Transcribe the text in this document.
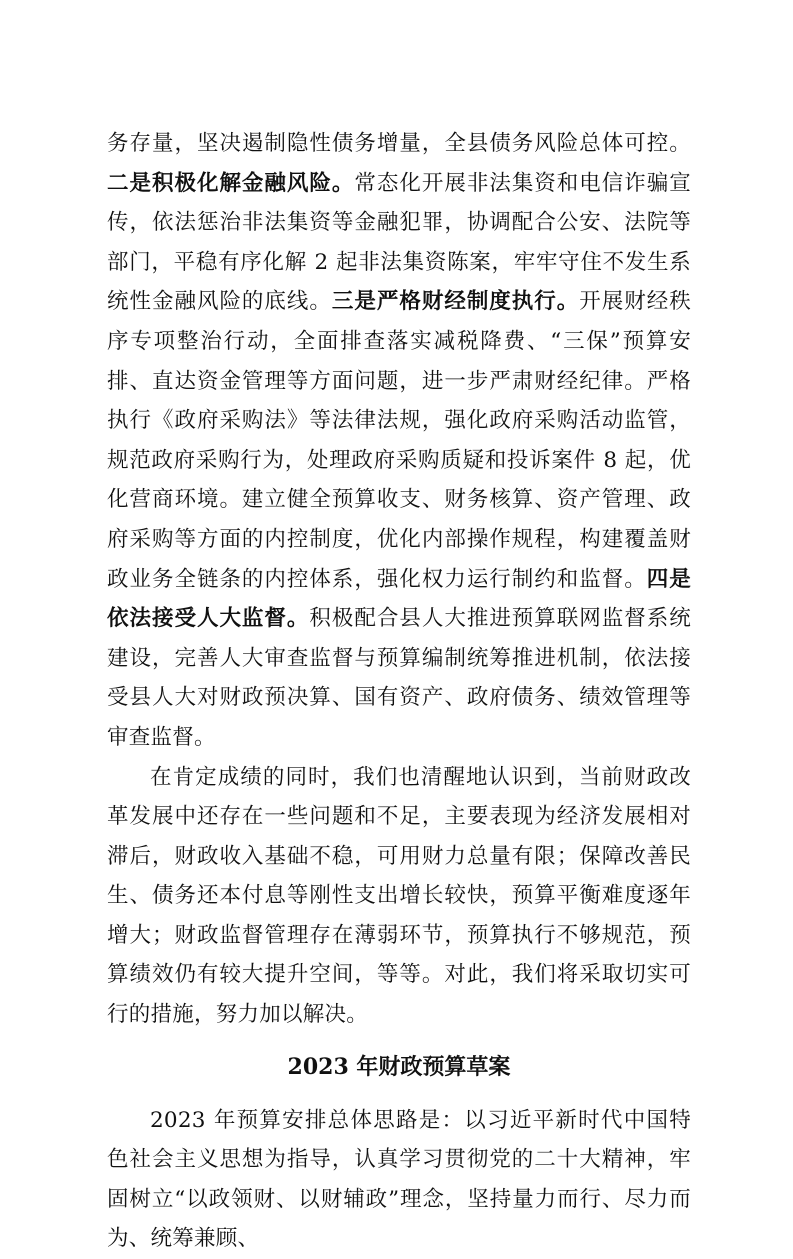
务存量，坚决遏制隐性债务增量，全县债务风险总体可控。二是积极化解金融风险。常态化开展非法集资和电信诈骗宣传，依法惩治非法集资等金融犯罪，协调配合公安、法院等部门，平稳有序化解 2 起非法集资陈案，牢牢守住不发生系统性金融风险的底线。三是严格财经制度执行。开展财经秩序专项整治行动，全面排查落实减税降费、“三保”预算安排、直达资金管理等方面问题，进一步严肃财经纪律。严格执行《政府采购法》等法律法规，强化政府采购活动监管，规范政府采购行为，处理政府采购质疑和投诉案件 8 起，优化营商环境。建立健全预算收支、财务核算、资产管理、政府采购等方面的内控制度，优化内部操作规程，构建覆盖财政业务全链条的内控体系，强化权力运行制约和监督。四是依法接受人大监督。积极配合县人大推进预算联网监督系统建设，完善人大审查监督与预算编制统筹推进机制，依法接受县人大对财政预决算、国有资产、政府债务、绩效管理等审查监督。

在肯定成绩的同时，我们也清醒地认识到，当前财政改革发展中还存在一些问题和不足，主要表现为经济发展相对滞后，财政收入基础不稳，可用财力总量有限；保障改善民生、债务还本付息等刚性支出增长较快，预算平衡难度逐年增大；财政监督管理存在薄弱环节，预算执行不够规范，预算绩效仍有较大提升空间，等等。对此，我们将采取切实可行的措施，努力加以解决。

2023 年财政预算草案

2023 年预算安排总体思路是：以习近平新时代中国特色社会主义思想为指导，认真学习贯彻党的二十大精神，牢固树立“以政领财、以财辅政”理念，坚持量力而行、尽力而为、统筹兼顾、
